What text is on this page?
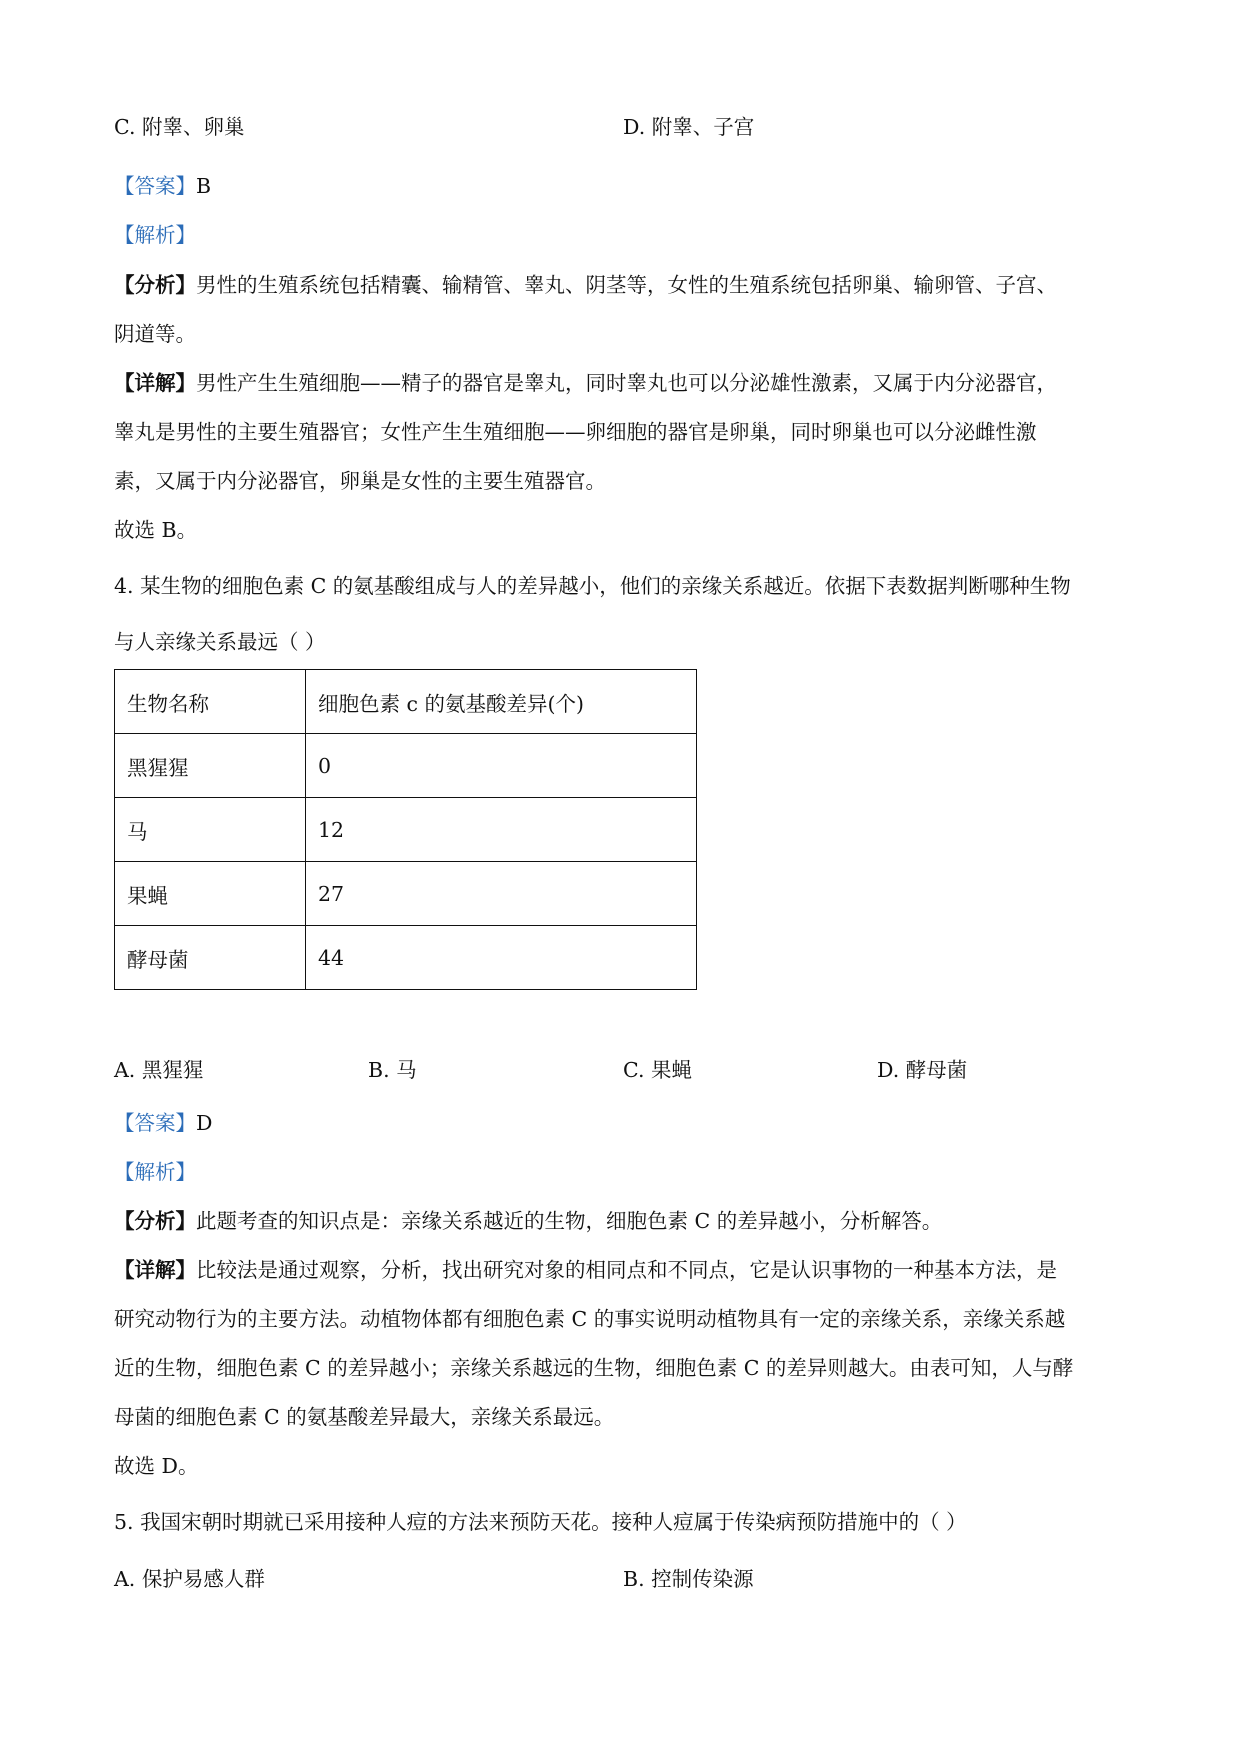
C. 附睾、卵巢	D. 附睾、子宫
【答案】B
【解析】
【分析】男性的生殖系统包括精囊、输精管、睾丸、阴茎等，女性的生殖系统包括卵巢、输卵管、子宫、
阴道等。
【详解】男性产生生殖细胞——精子的器官是睾丸，同时睾丸也可以分泌雄性激素，又属于内分泌器官，
睾丸是男性的主要生殖器官；女性产生生殖细胞——卵细胞的器官是卵巢，同时卵巢也可以分泌雌性激
素，又属于内分泌器官，卵巢是女性的主要生殖器官。
故选 B。
4. 某生物的细胞色素 C 的氨基酸组成与人的差异越小，他们的亲缘关系越近。依据下表数据判断哪种生物
与人亲缘关系最远（ ）
生物名称	细胞色素 c 的氨基酸差异(个)
黑猩猩	0
马	12
果蝇	27
酵母菌	44
A. 黑猩猩	B. 马	C. 果蝇	D. 酵母菌
【答案】D
【解析】
【分析】此题考查的知识点是：亲缘关系越近的生物，细胞色素 C 的差异越小，分析解答。
【详解】比较法是通过观察，分析，找出研究对象的相同点和不同点，它是认识事物的一种基本方法，是
研究动物行为的主要方法。动植物体都有细胞色素 C 的事实说明动植物具有一定的亲缘关系，亲缘关系越
近的生物，细胞色素 C 的差异越小；亲缘关系越远的生物，细胞色素 C 的差异则越大。由表可知，人与酵
母菌的细胞色素 C 的氨基酸差异最大，亲缘关系最远。
故选 D。
5. 我国宋朝时期就已采用接种人痘的方法来预防天花。接种人痘属于传染病预防措施中的（ ）
A. 保护易感人群	B. 控制传染源
